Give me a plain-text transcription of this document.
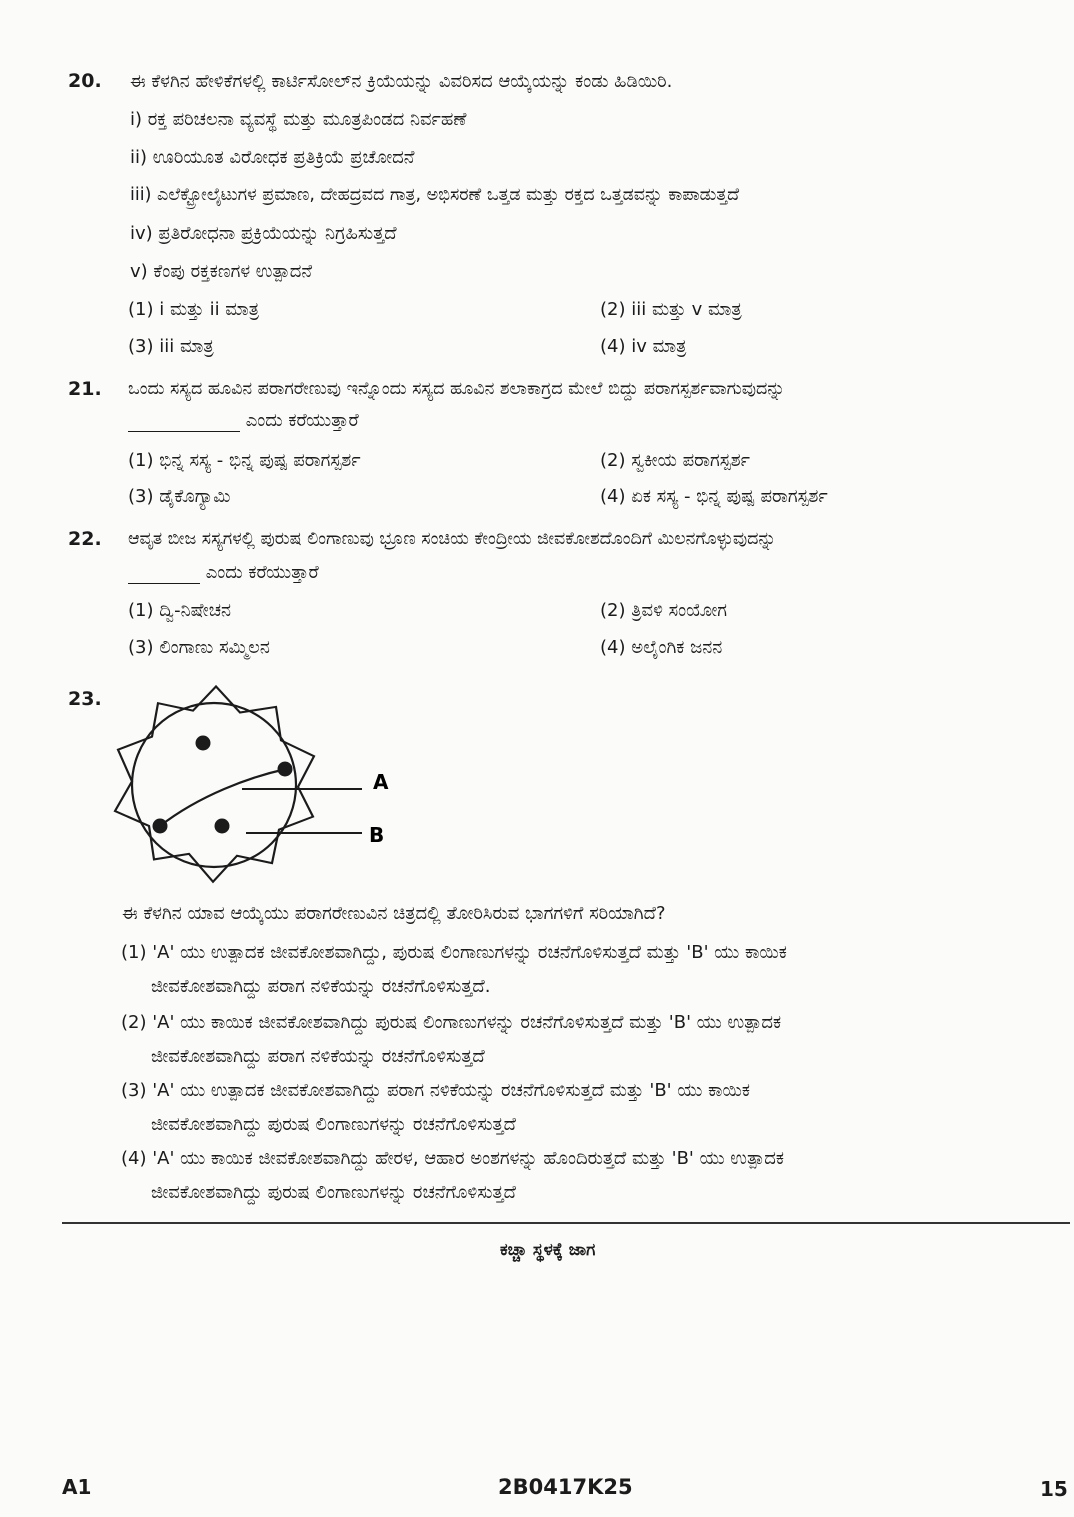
20. ಈ ಕೆಳಗಿನ ಹೇಳಿಕೆಗಳಲ್ಲಿ ಕಾರ್ಟಿಸೋಲ್‌ನ ಕ್ರಿಯೆಯನ್ನು ವಿವರಿಸದ ಆಯ್ಕೆಯನ್ನು ಕಂಡು ಹಿಡಿಯಿರಿ.
i) ರಕ್ತ ಪರಿಚಲನಾ ವ್ಯವಸ್ಥೆ ಮತ್ತು ಮೂತ್ರಪಿಂಡದ ನಿರ್ವಹಣೆ
ii) ಊರಿಯೂತ ವಿರೋಧಕ ಪ್ರತಿಕ್ರಿಯೆ ಪ್ರಚೋದನೆ
iii) ಎಲೆಕ್ಟ್ರೋಲೈಟುಗಳ ಪ್ರಮಾಣ, ದೇಹದ್ರವದ ಗಾತ್ರ, ಅಭಿಸರಣೆ ಒತ್ತಡ ಮತ್ತು ರಕ್ತದ ಒತ್ತಡವನ್ನು ಕಾಪಾಡುತ್ತದೆ
iv) ಪ್ರತಿರೋಧನಾ ಪ್ರಕ್ರಿಯೆಯನ್ನು ನಿಗ್ರಹಿಸುತ್ತದೆ
v) ಕೆಂಪು ರಕ್ತಕಣಗಳ ಉತ್ಪಾದನೆ
(1) i ಮತ್ತು ii ಮಾತ್ರ	(2) iii ಮತ್ತು v ಮಾತ್ರ
(3) iii ಮಾತ್ರ	(4) iv ಮಾತ್ರ
21. ಒಂದು ಸಸ್ಯದ ಹೂವಿನ ಪರಾಗರೇಣುವು ಇನ್ನೊಂದು ಸಸ್ಯದ ಹೂವಿನ ಶಲಾಕಾಗ್ರದ ಮೇಲೆ ಬಿದ್ದು ಪರಾಗಸ್ಪರ್ಶವಾಗುವುದನ್ನು
ಎಂದು ಕರೆಯುತ್ತಾರೆ
(1) ಭಿನ್ನ ಸಸ್ಯ - ಭಿನ್ನ ಪುಷ್ಪ ಪರಾಗಸ್ಪರ್ಶ	(2) ಸ್ವಕೀಯ ಪರಾಗಸ್ಪರ್ಶ
(3) ಡೈಕೊಗ್ಯಾಮಿ	(4) ಏಕ ಸಸ್ಯ - ಭಿನ್ನ ಪುಷ್ಪ ಪರಾಗಸ್ಪರ್ಶ
22. ಆವೃತ ಬೀಜ ಸಸ್ಯಗಳಲ್ಲಿ ಪುರುಷ ಲಿಂಗಾಣುವು ಭ್ರೂಣ ಸಂಚಿಯ ಕೇಂದ್ರೀಯ ಜೀವಕೋಶದೊಂದಿಗೆ ಮಿಲನಗೊಳ್ಳುವುದನ್ನು
ಎಂದು ಕರೆಯುತ್ತಾರೆ
(1) ದ್ವಿ-ನಿಷೇಚನ	(2) ತ್ರಿವಳಿ ಸಂಯೋಗ
(3) ಲಿಂಗಾಣು ಸಮ್ಮಿಲನ	(4) ಅಲೈಂಗಿಕ ಜನನ
23.
A
B
ಈ ಕೆಳಗಿನ ಯಾವ ಆಯ್ಕೆಯು ಪರಾಗರೇಣುವಿನ ಚಿತ್ರದಲ್ಲಿ ತೋರಿಸಿರುವ ಭಾಗಗಳಿಗೆ ಸರಿಯಾಗಿದೆ?
(1) 'A' ಯು ಉತ್ಪಾದಕ ಜೀವಕೋಶವಾಗಿದ್ದು, ಪುರುಷ ಲಿಂಗಾಣುಗಳನ್ನು ರಚನೆಗೊಳಿಸುತ್ತದೆ ಮತ್ತು 'B' ಯು ಕಾಯಿಕ
ಜೀವಕೋಶವಾಗಿದ್ದು ಪರಾಗ ನಳಿಕೆಯನ್ನು ರಚನೆಗೊಳಿಸುತ್ತದೆ.
(2) 'A' ಯು ಕಾಯಿಕ ಜೀವಕೋಶವಾಗಿದ್ದು ಪುರುಷ ಲಿಂಗಾಣುಗಳನ್ನು ರಚನೆಗೊಳಿಸುತ್ತದೆ ಮತ್ತು 'B' ಯು ಉತ್ಪಾದಕ
ಜೀವಕೋಶವಾಗಿದ್ದು ಪರಾಗ ನಳಿಕೆಯನ್ನು ರಚನೆಗೊಳಿಸುತ್ತದೆ
(3) 'A' ಯು ಉತ್ಪಾದಕ ಜೀವಕೋಶವಾಗಿದ್ದು ಪರಾಗ ನಳಿಕೆಯನ್ನು ರಚನೆಗೊಳಿಸುತ್ತದೆ ಮತ್ತು 'B' ಯು ಕಾಯಿಕ
ಜೀವಕೋಶವಾಗಿದ್ದು ಪುರುಷ ಲಿಂಗಾಣುಗಳನ್ನು ರಚನೆಗೊಳಿಸುತ್ತದೆ
(4) 'A' ಯು ಕಾಯಿಕ ಜೀವಕೋಶವಾಗಿದ್ದು ಹೇರಳ, ಆಹಾರ ಅಂಶಗಳನ್ನು ಹೊಂದಿರುತ್ತದೆ ಮತ್ತು 'B' ಯು ಉತ್ಪಾದಕ
ಜೀವಕೋಶವಾಗಿದ್ದು ಪುರುಷ ಲಿಂಗಾಣುಗಳನ್ನು ರಚನೆಗೊಳಿಸುತ್ತದೆ
ಕಚ್ಚಾ ಸ್ಥಳಕ್ಕೆ ಜಾಗ
A1	2B0417K25	15
